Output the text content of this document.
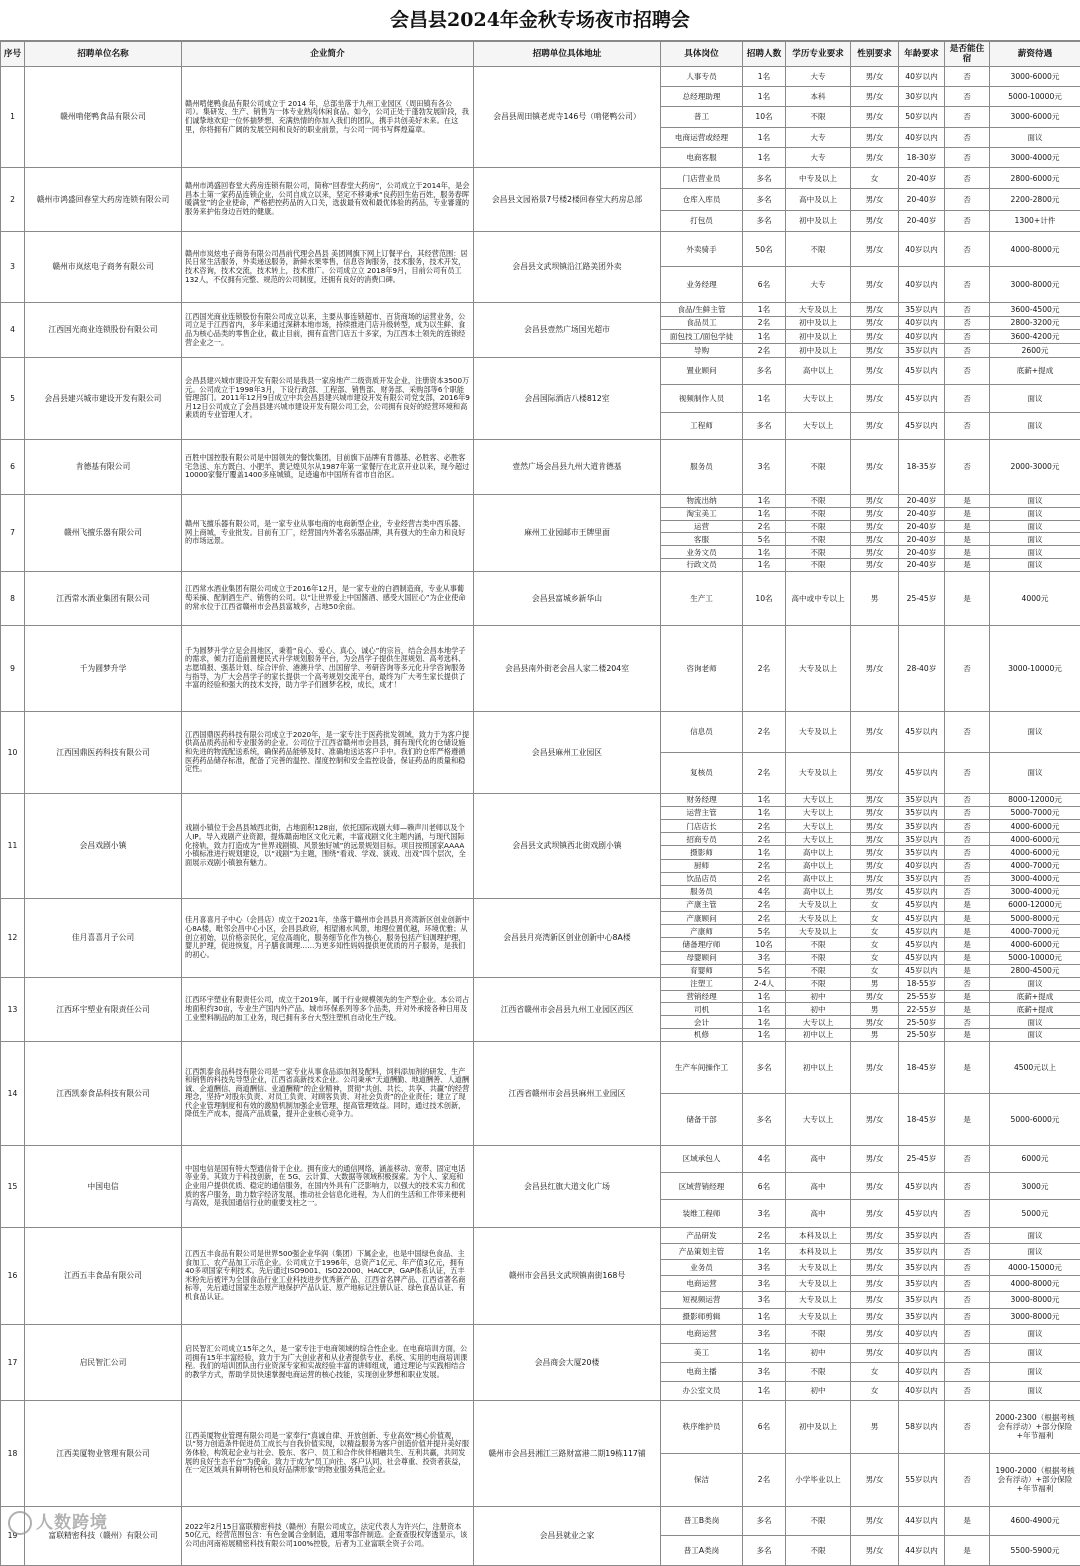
会昌县2024年金秋专场夜市招聘会
序号	招聘单位名称	企业简介	招聘单位具体地址	具体岗位	招聘人数	学历专业要求	性别要求	年龄要求	是否能住宿	薪资待遇
1	赣州啃佬鸭食品有限公司	赣州啃佬鸭食品有限公司成立于 2014 年，总部坐落于九州工业园区（周田镇有各公司）。集研发、生产、销售为一体专业熟肉休闲食品。如今，公司正处于蓬勃发展阶段，我们诚挚地欢迎一位怀揣梦想、充满热情的你加入我们的团队，携手共创美好未来。在这里，你将拥有广阔的发展空间和良好的职业前景，与公司一同书写辉煌篇章。	会昌县周田镇老虎寺146号（啃佬鸭公司）	人事专员	1名	大专	男/女	40岁以内	否	3000-6000元
				总经理助理	1名	本科	男/女	30岁以内	否	5000-10000元
				普工	10名	不限	男/女	50岁以内	否	3000-6000元
				电商运营或经理	1名	大专	男/女	40岁以内	否	面议
				电商客服	1名	大专	男/女	18-30岁	否	3000-4000元
2	赣州市鸿盛回春堂大药房连锁有限公司	赣州市鸿盛回春堂大药房连锁有限公司，简称“回春堂大药房”，公司成立于2014年，是会昌本土第一家药品连锁企业，公司自成立以来，坚定不移秉承“良药回生佑百姓，服务春晖暖满堂”的企业使命，严格把控药品的入口关，选拔最有效和最优体验的药品，专业審谨的服务来护佑身边百姓的健康。	会昌县文园裕景7号楼2楼回春堂大药房总部	门店营业员	多名	中专及以上	女	20-40岁	否	2800-6000元
				仓库入库员	多名	高中及以上	男/女	20-40岁	否	2200-2800元
				打包员	多名	初中及以上	男/女	20-40岁	否	1300+计件
3	赣州市岚炫电子商务有限公司	赣州市岚炫电子商务有限公司昌前代理会昌县 美团网旗下网上订餐平台，其经营范围：居民日常生活服务，外卖递送服务，新鲜水果零售，信息咨询服务，技术服务，技术开发，技术咨询，技术交流，技术转上，技术推广。公司成立立 2018年9月，目前公司有员工 132人，不仅拥有完整、规范的公司制度，还拥有良好的消费口碑。	会昌县文武坝镇沿江路美团外卖	外卖骑手	50名	不限	男/女	40岁以内	否	4000-8000元
				业务经理	6名	大专	男/女	40岁以内	否	3000-8000元
4	江西国光商业连锁股份有限公司	江西国光商业连锁股份有限公司成立以来，主要从事连锁超市、百货商场的运营业务，公司立足于江西省内，多年来通过深耕本地市场，持续推进门店升级转型，成为以生鲜、食品为核心品类的零售企业，截止目前，拥有直营门店五十多家，为江西本土领先的连锁经营企业之一。	会昌县壹然广场国光超市	食品/生鲜主管	1名	大专及以上	男/女	35岁以内	否	3600-4500元
				食品员工	2名	初中及以上	男/女	40岁以内	否	2800-3200元
				面包技工/面包学徒	1名	初中及以上	男/女	40岁以内	否	3600-4200元
				导购	2名	初中及以上	男/女	35岁以内	否	2600元
5	会昌县建兴城市建设开发有限公司	会昌县建兴城市建设开发有限公司是我县一家房地产二级资质开发企业，注册资本3500万元。公司成立于1998年3月，下设行政部、工程部、销售部、财务部、采购部等6个职能管理部门。2011年12月9日成立中共会昌县建兴城市建设开发有限公司党支部，2016年9月12日公司成立了会昌县建兴城市建设开发有限公司工会，公司拥有良好的经营环境和高素质的专业管理人才。	会昌国际酒店八楼812室	置业顾问	多名	高中以上	男/女	45岁以内	否	底薪+提成
				视频制作人员	1名	大专以上	男/女	45岁以内	否	面议
				工程师	多名	大专以上	男/女	45岁以内	否	面议
6	肯德基有限公司	百胜中国控股有限公司是中国领先的餐饮集团，目前旗下品牌有肯德基、必胜客、必胜客宅急送、东方既白、小肥羊、黄记煌贝尔从1987年第一家餐厅在北京开业以来，现今超过10000家餐厅覆盖1400多座城镇，足迹遍布中国所有省市自治区。	壹然广场会昌县九州大道肯德基	服务员	3名	不限	男/女	18-35岁	否	2000-3000元
7	赣州飞擅乐器有限公司	赣州飞擅乐器有限公司，是一家专业从事电商的电商新型企业，专业经营吉类中西乐器、网上商城，专业批发。目前有工厂，经营国内外著名乐器品牌，具有强大的生命力和良好的市场远景。	麻州工业园邮市王牌里面	物流出纳	1名	不限	男/女	20-40岁	是	面议
				淘宝美工	1名	不限	男/女	20-40岁	是	面议
				运营	2名	不限	男/女	20-40岁	是	面议
				客服	5名	不限	男/女	20-40岁	是	面议
				业务文员	1名	不限	男/女	20-40岁	是	面议
				行政文员	1名	不限	男/女	20-40岁	是	面议
8	江西常水酒业集团有限公司	江西常水酒业集团有限公司成立于2016年12月，是一家专业的白酒制造商，专业从事葡萄采摘、配制酒生产、销售的公司。以“让世界爱上中国酱酒、感受大国匠心”为企业使命的常水位于江西省赣州市会昌县富城乡，占地50余亩。	会昌县富城乡新华山	生产工	10名	高中或中专以上	男	25-45岁	是	4000元
9	千为圆梦升学	千为圆梦升学立足会昌地区，秉着“良心、爱心、真心、诚心”的宗旨，结合会昌本地学子的需求，倾力打造前置便民式升学规划服务平台，为会昌学子提供生涯规划、高考选科、志愿填报、强基计划、综合评价、港澳升学、出国留学、考研咨询等多元化升学咨询服务与指导，为广大会昌学子的家长提供一个高考规划交流平台，最终为广大考生家长提供了丰富的经验和强大的技术支持，助力学子们圆梦名校，成长，成才！	会昌县南外街老会昌人家二楼204室	咨询老师	2名	大专及以上	男/女	28-40岁	否	3000-10000元
10	江西国鼎医药科技有限公司	江西国鼎医药科技有限公司成立于2020年，是一家专注于医药批发领域，致力于为客户提供高品质药品和专业服务的企业。公司位于江西省赣州市会昌县，拥有现代化的仓储设施和先进的物流配送系统，确保药品能够及时、准确地送达客户手中。我们的仓库严格遵循医药药品储存标准，配备了完善的温控、湿度控制和安全监控设备，保证药品的质量和稳定性。	会昌县麻州工业园区	信息员	2名	大专及以上	男/女	45岁以内	否	面议
				复核员	2名	大专及以上	男/女	45岁以内	否	面议
11	会昌戏剧小镇	戏剧小镇位于会昌县城西北街，占地面积128亩，依托国际戏剧大师—赖声川老师以及个人IP。导入戏剧产业资源，提炼赣南地区文化元素，丰富戏剧文化主题内涵，与现代国际化接轨，致力打造成为“世界戏剧镇、风景独好城”的远景规划目标。项目按照国家AAAA小镇标准进行规划建设，以“戏剧”为主题，围绕“看戏、学戏、演戏、出戏”四个层次，全面展示戏剧小镇独有魅力。	会昌县文武坝镇西北街戏剧小镇	财务经理	1名	大专以上	男/女	35岁以内	否	8000-12000元
				运营主管	1名	大专以上	男/女	35岁以内	否	5000-7000元
				门店店长	2名	大专以上	男/女	35岁以内	否	4000-6000元
				招商专员	2名	大专以上	男/女	35岁以内	否	4000-6000元
				摄影师	1名	高中以上	男/女	35岁以内	否	4000-6000元
				厨师	2名	高中以上	男/女	40岁以内	否	4000-7000元
				饮品店员	2名	高中以上	男/女	35岁以内	否	3000-4000元
				服务员	4名	高中以上	男/女	45岁以内	否	3000-4000元
12	佳月喜喜月子公司	佳月喜喜月子中心（会昌店）成立于2021年，坐落于赣州市会昌县月亮湾新区创业创新中心8A楼，毗邻会昌中心小区，会昌县政府，相望湘水风景，地理位置优越，环境优雅；从创立初始，以价格亲民化，定位高端化，服务细节化作为核心，服务包括产妇调理护理，婴儿护理，促进恢复，月子膳食调理……为更多知性妈妈提供更优质的月子服务，是我们的初心。	会昌县月亮湾新区创业创新中心8A楼	产康主管	2名	大专及以上	女	45岁以内	是	6000-12000元
				产康顾问	2名	大专及以上	女	45岁以内	是	5000-8000元
				产康师	5名	大专及以上	女	45岁以内	是	4000-7000元
				储备理疗师	10名	不限	女	45岁以内	是	4000-6000元
				母婴顾问	3名	不限	女	45岁以内	是	5000-10000元
				育婴师	5名	不限	女	45岁以内	是	2800-4500元
13	江西环宇塑业有限责任公司	江西环宇塑业有限责任公司，成立于2019年，属于行业规模领先的生产型企业。本公司占地面积约30亩，专业生产国内外产品、城市环保系列等多个品类，并对外承接各种日用及工业塑料制品的加工业务，现已拥有多台大型注塑机自动化生产线。	江西省赣州市会昌县九州工业园区西区	注塑工	2-4人	不限	男	18-55岁	否	面议
				营销经理	1名	初中	男/女	25-55岁	是	底薪+提成
				司机	1名	初中	男	22-55岁	是	底薪+提成
				会计	1名	大专以上	男/女	25-50岁	否	面议
				机修	1名	初中以上	男	25-50岁	是	面议
14	江西凯泰食品科技有限公司	江西凯泰食品科技有限公司是一家专业从事食品添加剂及配料，饲料添加剂的研发、生产和销售的科技先导型企业，江西省高新技术企业。公司秉承“天道酬勤、地道酬善、人道酬诚、企道酬信、商道酬信、业道酬精”的企业精神，贯彻“共创、共长、共享、共赢”的经营理念，坚持“对股东负责、对员工负责、对顾客负责、对社会负责”的企业责任；建立了现代企业管理制度和有效的激励机制加强企业管理，提高管理效益。同时，通过技术创新，降低生产成本，提高产品质量，提升企业核心竞争力。	江西省赣州市会昌县麻州工业园区	生产车间操作工	多名	初中以上	男/女	18-45岁	是	4500元以上
				储备干部	多名	大专以上	男/女	18-45岁	是	5000-6000元
15	中国电信	中国电信是国有特大型通信骨干企业。拥有庞大的通信网络，涵盖移动、宽带、固定电话等业务。其致力于科技创新，在 5G、云计算、大数据等领域积极探索。为个人、家庭和企业用户提供优质、稳定的通信服务，在国内外具有广泛影响力，以强大的技术实力和优质的客户服务，助力数字经济发展，推动社会信息化进程，为人们的生活和工作带来便利与高效，是我国通信行业的重要支柱之一。	会昌县红旗大道文化广场	区域承包人	4名	高中	男/女	25-45岁	否	6000元
				区域营销经理	6名	高中	男/女	45岁以内	否	3000元
				装维工程师	3名	高中	男/女	45岁以内	否	5000元
16	江西五丰食品有限公司	江西五丰食品有限公司是世界500强企业华润（集团）下属企业，也是中国绿色食品、主食加工、农产品加工示范企业。公司成立于1996年，总资产1亿元、年产值3亿元，拥有40多项国家专利技术。先后通过ISO9001、ISO22000、HACCP、GAP体系认证，五丰米粉先后被评为全国食品行业工业科技进步优秀新产品、江西省名牌产品、江西省著名商标等，先后通过国家生态原产地保护产品认证、原产地标记注册认证、绿色食品认证、有机食品认证。	赣州市会昌县文武坝镇南街168号	产品研发	2名	本科及以上	男/女	35岁以内	否	面议
				产品策划主管	1名	本科及以上	男/女	35岁以内	否	面议
				业务员	3名	大专及以上	男/女	35岁以内	否	4000-15000元
				电商运营	3名	大专及以上	男/女	35岁以内	否	4000-8000元
				短视频运营	3名	大专及以上	男/女	35岁以内	否	3000-8000元
				摄影师剪辑	1名	大专及以上	男/女	35岁以内	否	3000-8000元
17	启民智汇公司	启民智汇公司成立15年之久，是一家专注于电商领域的综合性企业。在电商培训方面，公司拥有15年丰富经验，致力于为广大创业者和从业者提供专业、系统、实用的电商培训课程。我们的培训团队由行业资深专家和实战经验丰富的讲师组成，通过理论与实践相结合的教学方式，帮助学员快速掌握电商运营的核心技能，实现创业梦想和职业发展。	会昌商会大厦20楼	电商运营	3名	不限	男/女	40岁以内	否	面议
				美工	1名	初中	男/女	40岁以内	否	面议
				电商主播	3名	不限	女	40岁以内	否	面议
				办公室文员	1名	初中	女	40岁以内	否	面议
18	江西美厦物业管理有限公司	江西美厦物业管理有限公司是一家奉行“真诚自律、开放创新、专业高效”核心价值观，以“努力创造条件促进员工成长与自我价值实现，以精益服务为客户创造价值并提升美好服务体验，构筑起企业与社会、股东、客户、员工和合作伙伴相融共生、互利共赢，共同发展的良好生态平台”为使命，致力于成为“员工向往、客户认同、社会尊重、投资者获益，在一定区域具有鲜明特色和良好品牌形象”的物业服务典范企业。	赣州市会昌县湘江三路财富港二期19栋117铺	秩序维护员	6名	初中及以上	男	58岁以内	否	2000-2300（根据考核会有浮动）+部分保险+年节福利
				保洁	2名	小学毕业以上	男/女	55岁以内	否	1900-2000（根据考核会有浮动）+部分保险+年节福利
19	富联精密科技（赣州）有限公司	2022年2月15日富联精密科技（赣州）有限公司成立，法定代表人为许兴仁，注册资本50亿元，经营范围包含：有色金属合金制造，通用零部件制造。企查查股权穿透显示，该公司由河南裕展精密科技有限公司100%控股，后者为工业富联全资子公司。	会昌县就业之家	普工B类岗	多名	不限	男/女	44岁以内	是	4600-4900元
				普工A类岗	多名	不限	男/女	44岁以内	是	5500-5900元
人数跨境
